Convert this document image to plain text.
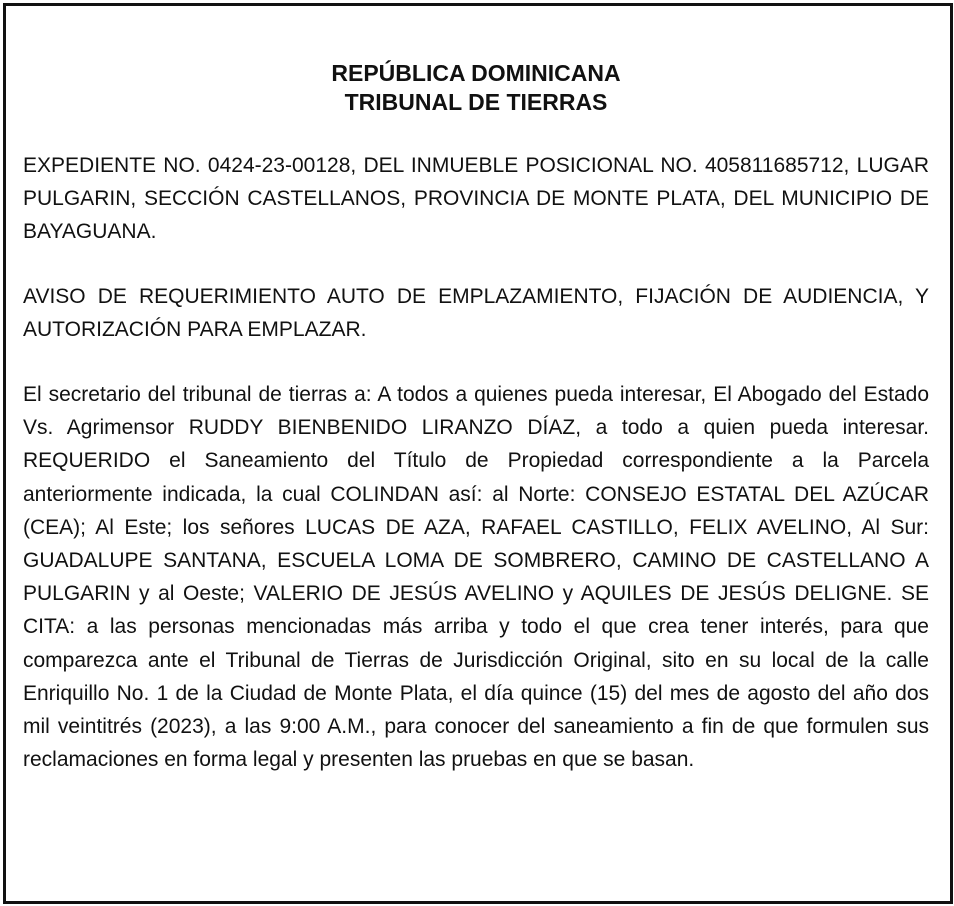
REPÚBLICA DOMINICANA
TRIBUNAL DE TIERRAS

EXPEDIENTE NO. 0424-23-00128, DEL INMUEBLE POSICIONAL NO. 405811685712, LUGAR PULGARIN, SECCIÓN CASTELLANOS, PROVINCIA DE MONTE PLATA, DEL MUNICIPIO DE BAYAGUANA.

AVISO DE REQUERIMIENTO AUTO DE EMPLAZAMIENTO, FIJACIÓN DE AUDIENCIA, Y AUTORIZACIÓN PARA EMPLAZAR.

El secretario del tribunal de tierras a: A todos a quienes pueda interesar, El Abogado del Estado Vs. Agrimensor RUDDY BIENBENIDO LIRANZO DÍAZ, a todo a quien pueda interesar. REQUERIDO el Saneamiento del Título de Propiedad correspondiente a la Parcela anteriormente indicada, la cual COLINDAN así: al Norte: CONSEJO ESTATAL DEL AZÚCAR (CEA); Al Este; los señores LUCAS DE AZA, RAFAEL CASTILLO, FELIX AVELINO, Al Sur: GUADALUPE SANTANA, ESCUELA LOMA DE SOMBRERO, CAMINO DE CASTELLANO A PULGARIN y al Oeste; VALERIO DE JESÚS AVELINO y AQUILES DE JESÚS DELIGNE. SE CITA: a las personas mencionadas más arriba y todo el que crea tener interés, para que comparezca ante el Tribunal de Tierras de Jurisdicción Original, sito en su local de la calle Enriquillo No. 1 de la Ciudad de Monte Plata, el día quince (15) del mes de agosto del año dos mil veintitrés (2023), a las 9:00 A.M., para conocer del saneamiento a fin de que formulen sus reclamaciones en forma legal y presenten las pruebas en que se basan.
